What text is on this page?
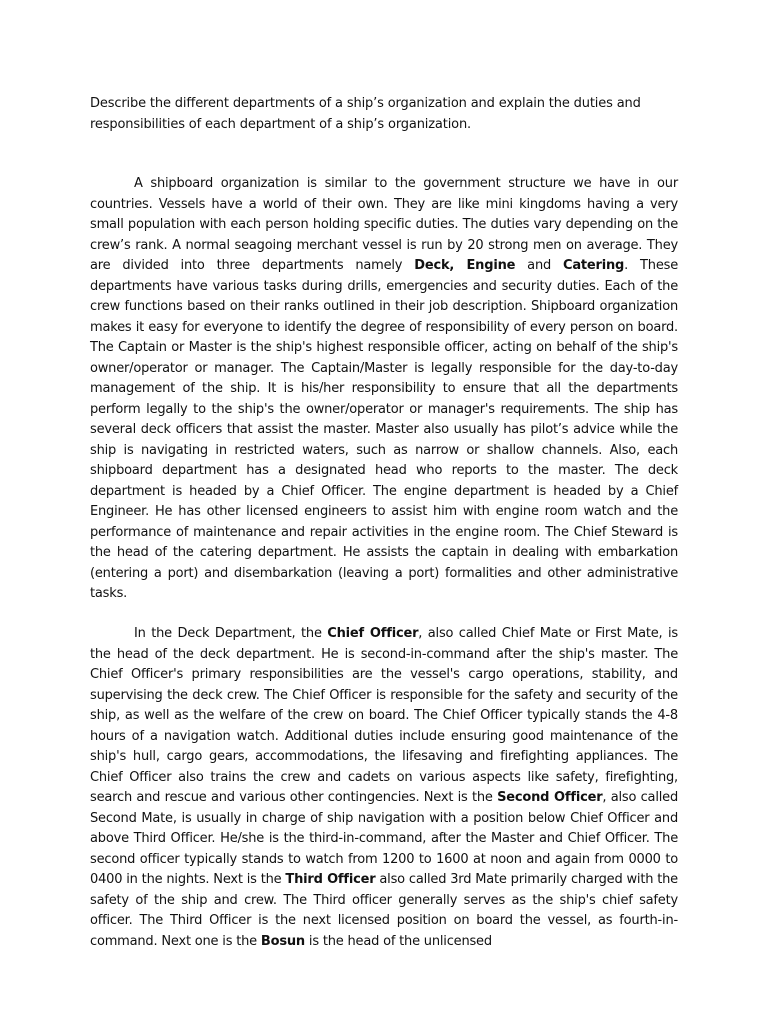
Describe the different departments of a ship’s organization and explain the duties and responsibilities of each department of a ship’s organization.

A shipboard organization is similar to the government structure we have in our countries. Vessels have a world of their own. They are like mini kingdoms having a very small population with each person holding specific duties. The duties vary depending on the crew’s rank. A normal seagoing merchant vessel is run by 20 strong men on average. They are divided into three departments namely Deck, Engine and Catering. These departments have various tasks during drills, emergencies and security duties. Each of the crew functions based on their ranks outlined in their job description. Shipboard organization makes it easy for everyone to identify the degree of responsibility of every person on board. The Captain or Master is the ship's highest responsible officer, acting on behalf of the ship's owner/operator or manager. The Captain/Master is legally responsible for the day-to-day management of the ship. It is his/her responsibility to ensure that all the departments perform legally to the ship's the owner/operator or manager's requirements. The ship has several deck officers that assist the master. Master also usually has pilot’s advice while the ship is navigating in restricted waters, such as narrow or shallow channels. Also, each shipboard department has a designated head who reports to the master. The deck department is headed by a Chief Officer. The engine department is headed by a Chief Engineer. He has other licensed engineers to assist him with engine room watch and the performance of maintenance and repair activities in the engine room. The Chief Steward is the head of the catering department. He assists the captain in dealing with embarkation (entering a port) and disembarkation (leaving a port) formalities and other administrative tasks.

In the Deck Department, the Chief Officer, also called Chief Mate or First Mate, is the head of the deck department. He is second-in-command after the ship's master. The Chief Officer's primary responsibilities are the vessel's cargo operations, stability, and supervising the deck crew. The Chief Officer is responsible for the safety and security of the ship, as well as the welfare of the crew on board. The Chief Officer typically stands the 4-8 hours of a navigation watch. Additional duties include ensuring good maintenance of the ship's hull, cargo gears, accommodations, the lifesaving and firefighting appliances. The Chief Officer also trains the crew and cadets on various aspects like safety, firefighting, search and rescue and various other contingencies. Next is the Second Officer, also called Second Mate, is usually in charge of ship navigation with a position below Chief Officer and above Third Officer. He/she is the third-in-command, after the Master and Chief Officer. The second officer typically stands to watch from 1200 to 1600 at noon and again from 0000 to 0400 in the nights. Next is the Third Officer also called 3rd Mate primarily charged with the safety of the ship and crew. The Third officer generally serves as the ship's chief safety officer. The Third Officer is the next licensed position on board the vessel, as fourth-in-command. Next one is the Bosun is the head of the unlicensed
